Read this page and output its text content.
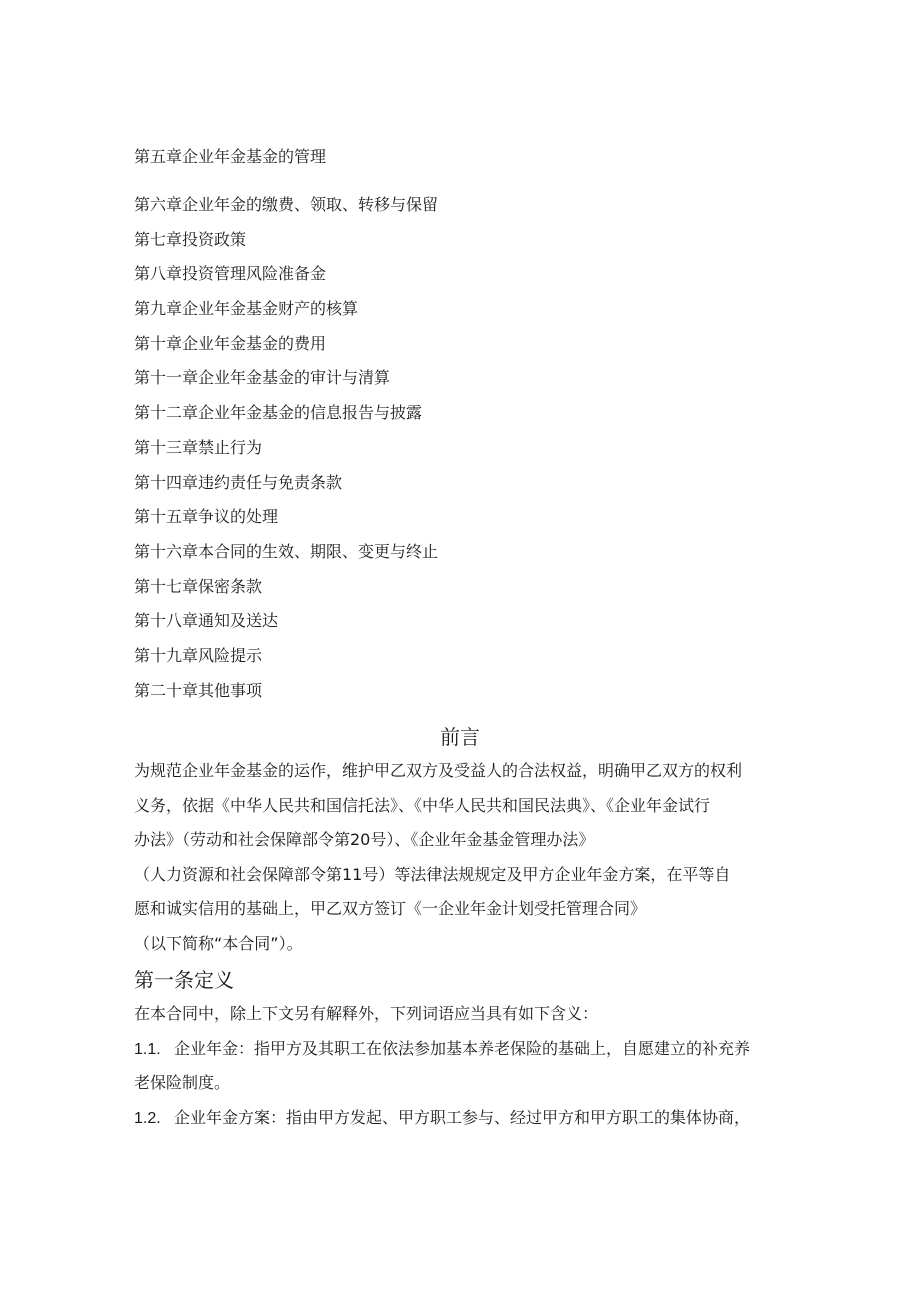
第五章企业年金基金的管理
第六章企业年金的缴费、领取、转移与保留
第七章投资政策
第八章投资管理风险准备金
第九章企业年金基金财产的核算
第十章企业年金基金的费用
第十一章企业年金基金的审计与清算
第十二章企业年金基金的信息报告与披露
第十三章禁止行为
第十四章违约责任与免责条款
第十五章争议的处理
第十六章本合同的生效、期限、变更与终止
第十七章保密条款
第十八章通知及送达
第十九章风险提示
第二十章其他事项
前言
为规范企业年金基金的运作，维护甲乙双方及受益人的合法权益，明确甲乙双方的权利
义务，依据《中华人民共和国信托法》、《中华人民共和国民法典》、《企业年金试行
办法》（劳动和社会保障部令第20号）、《企业年金基金管理办法》
（人力资源和社会保障部令第11号）等法律法规规定及甲方企业年金方案，在平等自
愿和诚实信用的基础上，甲乙双方签订《一企业年金计划受托管理合同》
（以下简称“本合同”）。
第一条定义
在本合同中，除上下文另有解释外，下列词语应当具有如下含义：
1.1. 企业年金：指甲方及其职工在依法参加基本养老保险的基础上，自愿建立的补充养
老保险制度。
1.2. 企业年金方案：指由甲方发起、甲方职工参与、经过甲方和甲方职工的集体协商，
